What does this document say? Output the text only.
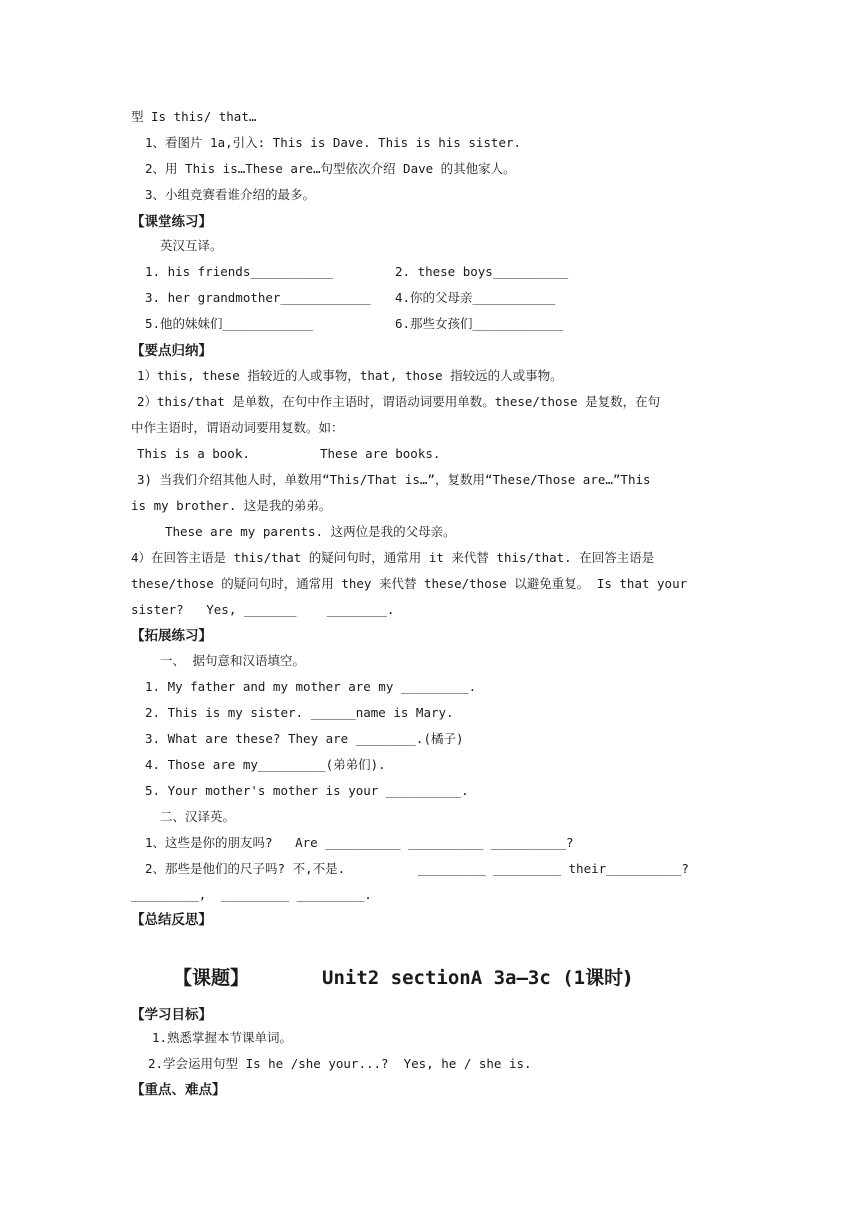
型 Is this/ that…
1、看图片 1a,引入: This is Dave. This is his sister.
2、用 This is…These are…句型依次介绍 Dave 的其他家人。
3、小组竞赛看谁介绍的最多。
【课堂练习】
英汉互译。
1. his friends___________	2. these boys__________
3. her grandmother____________ 4.你的父母亲___________
5.他的妹妹们____________	6.那些女孩们____________
【要点归纳】
1）this, these 指较近的人或事物，that, those 指较远的人或事物。
2）this/that 是单数，在句中作主语时，谓语动词要用单数。these/those 是复数，在句
中作主语时，谓语动词要用复数。如：
This is a book.	These are books.
3) 当我们介绍其他人时，单数用“This/That is…”，复数用“These/Those are…”This
is my brother. 这是我的弟弟。
These are my parents. 这两位是我的父母亲。
4）在回答主语是 this/that 的疑问句时，通常用 it 来代替 this/that. 在回答主语是
these/those 的疑问句时，通常用 they 来代替 these/those 以避免重复。 Is that your
sister?   Yes, _______    ________.
【拓展练习】
一、 据句意和汉语填空。
1. My father and my mother are my _________.
2. This is my sister. ______name is Mary.
3. What are these? They are ________.(橘子)
4. Those are my_________(弟弟们).
5. Your mother's mother is your __________.
二、汉译英。
1、这些是你的朋友吗?   Are __________ __________ __________?
2、那些是他们的尺子吗? 不,不是.	_________ _________ their__________?
_________,  _________ _________.
【总结反思】
【课题】	Unit2 sectionA 3a—3c (1课时)
【学习目标】
1.熟悉掌握本节课单词。
2.学会运用句型 Is he /she your...?  Yes, he / she is.
【重点、难点】
